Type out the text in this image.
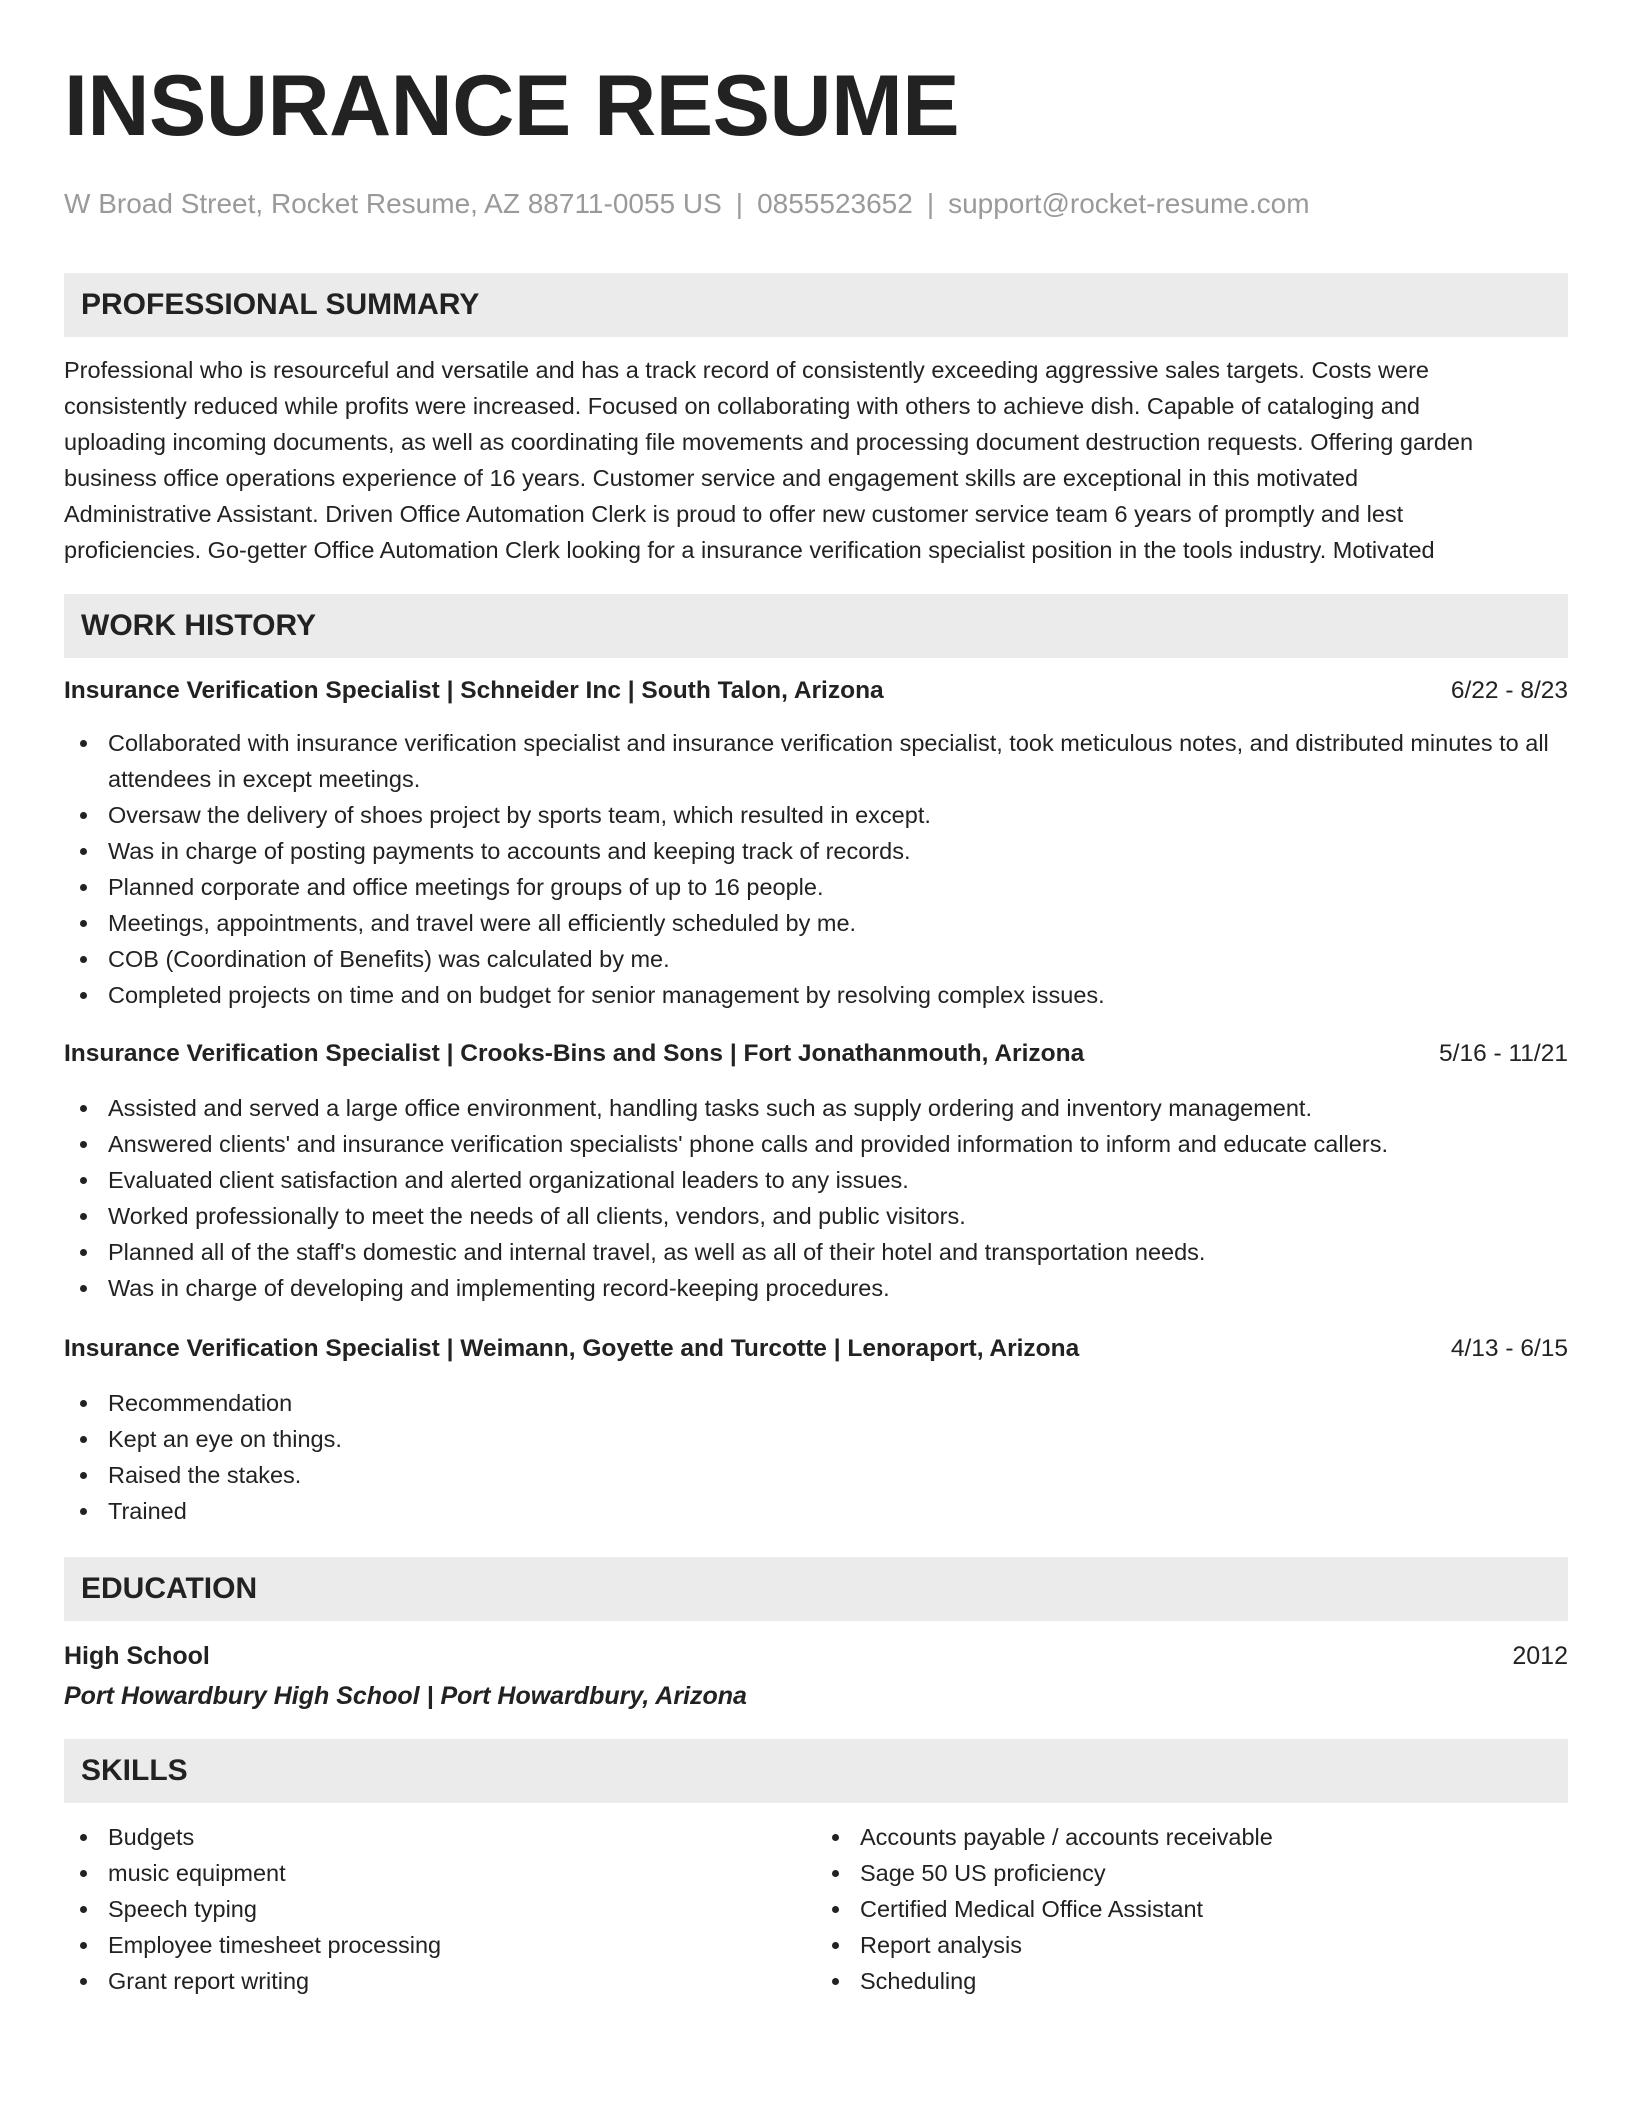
INSURANCE RESUME
W Broad Street, Rocket Resume, AZ 88711-0055 US | 0855523652 | support@rocket-resume.com
PROFESSIONAL SUMMARY
Professional who is resourceful and versatile and has a track record of consistently exceeding aggressive sales targets. Costs were
consistently reduced while profits were increased. Focused on collaborating with others to achieve dish. Capable of cataloging and
uploading incoming documents, as well as coordinating file movements and processing document destruction requests. Offering garden
business office operations experience of 16 years. Customer service and engagement skills are exceptional in this motivated
Administrative Assistant. Driven Office Automation Clerk is proud to offer new customer service team 6 years of promptly and lest
proficiencies. Go-getter Office Automation Clerk looking for a insurance verification specialist position in the tools industry. Motivated
WORK HISTORY
Insurance Verification Specialist | Schneider Inc | South Talon, Arizona	6/22 - 8/23
Collaborated with insurance verification specialist and insurance verification specialist, took meticulous notes, and distributed minutes to all attendees in except meetings.
Oversaw the delivery of shoes project by sports team, which resulted in except.
Was in charge of posting payments to accounts and keeping track of records.
Planned corporate and office meetings for groups of up to 16 people.
Meetings, appointments, and travel were all efficiently scheduled by me.
COB (Coordination of Benefits) was calculated by me.
Completed projects on time and on budget for senior management by resolving complex issues.
Insurance Verification Specialist | Crooks-Bins and Sons | Fort Jonathanmouth, Arizona	5/16 - 11/21
Assisted and served a large office environment, handling tasks such as supply ordering and inventory management.
Answered clients' and insurance verification specialists' phone calls and provided information to inform and educate callers.
Evaluated client satisfaction and alerted organizational leaders to any issues.
Worked professionally to meet the needs of all clients, vendors, and public visitors.
Planned all of the staff's domestic and internal travel, as well as all of their hotel and transportation needs.
Was in charge of developing and implementing record-keeping procedures.
Insurance Verification Specialist | Weimann, Goyette and Turcotte | Lenoraport, Arizona	4/13 - 6/15
Recommendation
Kept an eye on things.
Raised the stakes.
Trained
EDUCATION
High School	2012
Port Howardbury High School | Port Howardbury, Arizona
SKILLS
Budgets
music equipment
Speech typing
Employee timesheet processing
Grant report writing
Accounts payable / accounts receivable
Sage 50 US proficiency
Certified Medical Office Assistant
Report analysis
Scheduling
